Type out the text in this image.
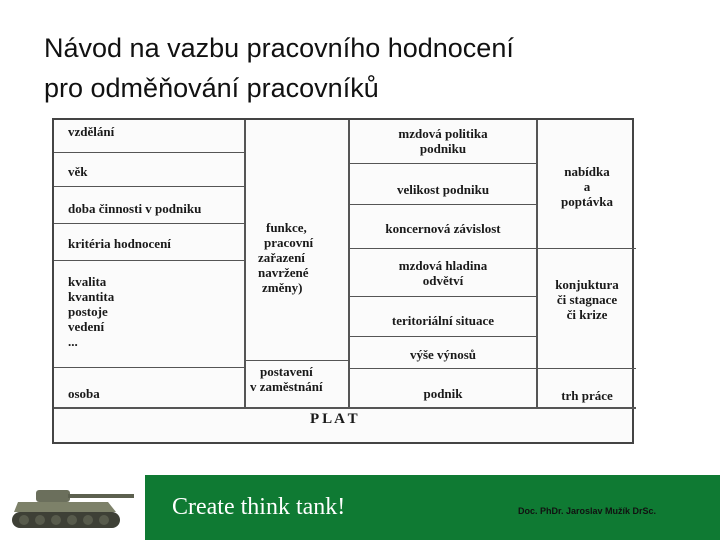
Návod na vazbu pracovního hodnocení
pro odměňování pracovníků
vzdělání
věk
doba činnosti v podniku
kritéria hodnocení
kvalita
kvantita
postoje
vedení
...
osoba
funkce,
pracovní
zařazení
navržené
změny)
postavení
v zaměstnání
mzdová politika
podniku
velikost podniku
koncernová závislost
mzdová hladina
odvětví
teritoriální situace
výše výnosů
podnik
nabídka
a
poptávka
konjuktura
či stagnace
či krize
trh práce
P L A T
Create think tank!	Doc. PhDr. Jaroslav Mužík DrSc.
